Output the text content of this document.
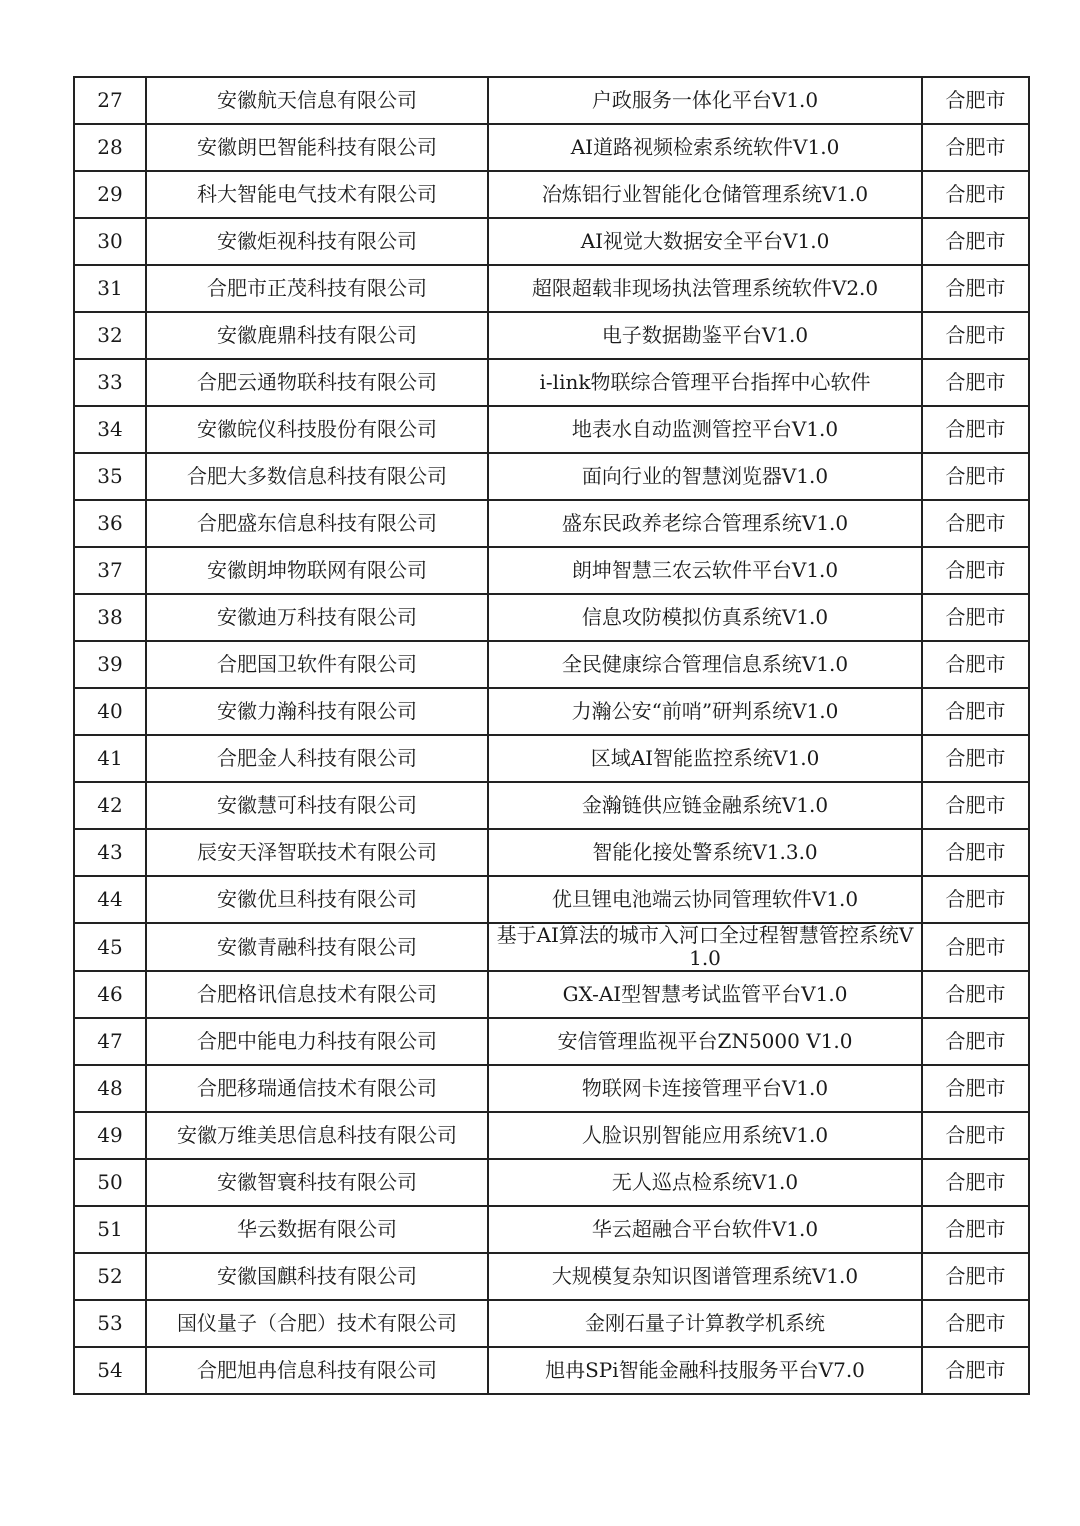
27	安徽航天信息有限公司	户政服务一体化平台V1.0	合肥市
28	安徽朗巴智能科技有限公司	AI道路视频检索系统软件V1.0	合肥市
29	科大智能电气技术有限公司	冶炼铝行业智能化仓储管理系统V1.0	合肥市
30	安徽炬视科技有限公司	AI视觉大数据安全平台V1.0	合肥市
31	合肥市正茂科技有限公司	超限超载非现场执法管理系统软件V2.0	合肥市
32	安徽鹿鼎科技有限公司	电子数据勘鉴平台V1.0	合肥市
33	合肥云通物联科技有限公司	i-link物联综合管理平台指挥中心软件	合肥市
34	安徽皖仪科技股份有限公司	地表水自动监测管控平台V1.0	合肥市
35	合肥大多数信息科技有限公司	面向行业的智慧浏览器V1.0	合肥市
36	合肥盛东信息科技有限公司	盛东民政养老综合管理系统V1.0	合肥市
37	安徽朗坤物联网有限公司	朗坤智慧三农云软件平台V1.0	合肥市
38	安徽迪万科技有限公司	信息攻防模拟仿真系统V1.0	合肥市
39	合肥国卫软件有限公司	全民健康综合管理信息系统V1.0	合肥市
40	安徽力瀚科技有限公司	力瀚公安“前哨”研判系统V1.0	合肥市
41	合肥金人科技有限公司	区域AI智能监控系统V1.0	合肥市
42	安徽慧可科技有限公司	金瀚链供应链金融系统V1.0	合肥市
43	辰安天泽智联技术有限公司	智能化接处警系统V1.3.0	合肥市
44	安徽优旦科技有限公司	优旦锂电池端云协同管理软件V1.0	合肥市
45	安徽青融科技有限公司	基于AI算法的城市入河口全过程智慧管控系统V1.0	合肥市
46	合肥格讯信息技术有限公司	GX-AI型智慧考试监管平台V1.0	合肥市
47	合肥中能电力科技有限公司	安信管理监视平台ZN5000 V1.0	合肥市
48	合肥移瑞通信技术有限公司	物联网卡连接管理平台V1.0	合肥市
49	安徽万维美思信息科技有限公司	人脸识别智能应用系统V1.0	合肥市
50	安徽智寰科技有限公司	无人巡点检系统V1.0	合肥市
51	华云数据有限公司	华云超融合平台软件V1.0	合肥市
52	安徽国麒科技有限公司	大规模复杂知识图谱管理系统V1.0	合肥市
53	国仪量子（合肥）技术有限公司	金刚石量子计算教学机系统	合肥市
54	合肥旭冉信息科技有限公司	旭冉SPi智能金融科技服务平台V7.0	合肥市
